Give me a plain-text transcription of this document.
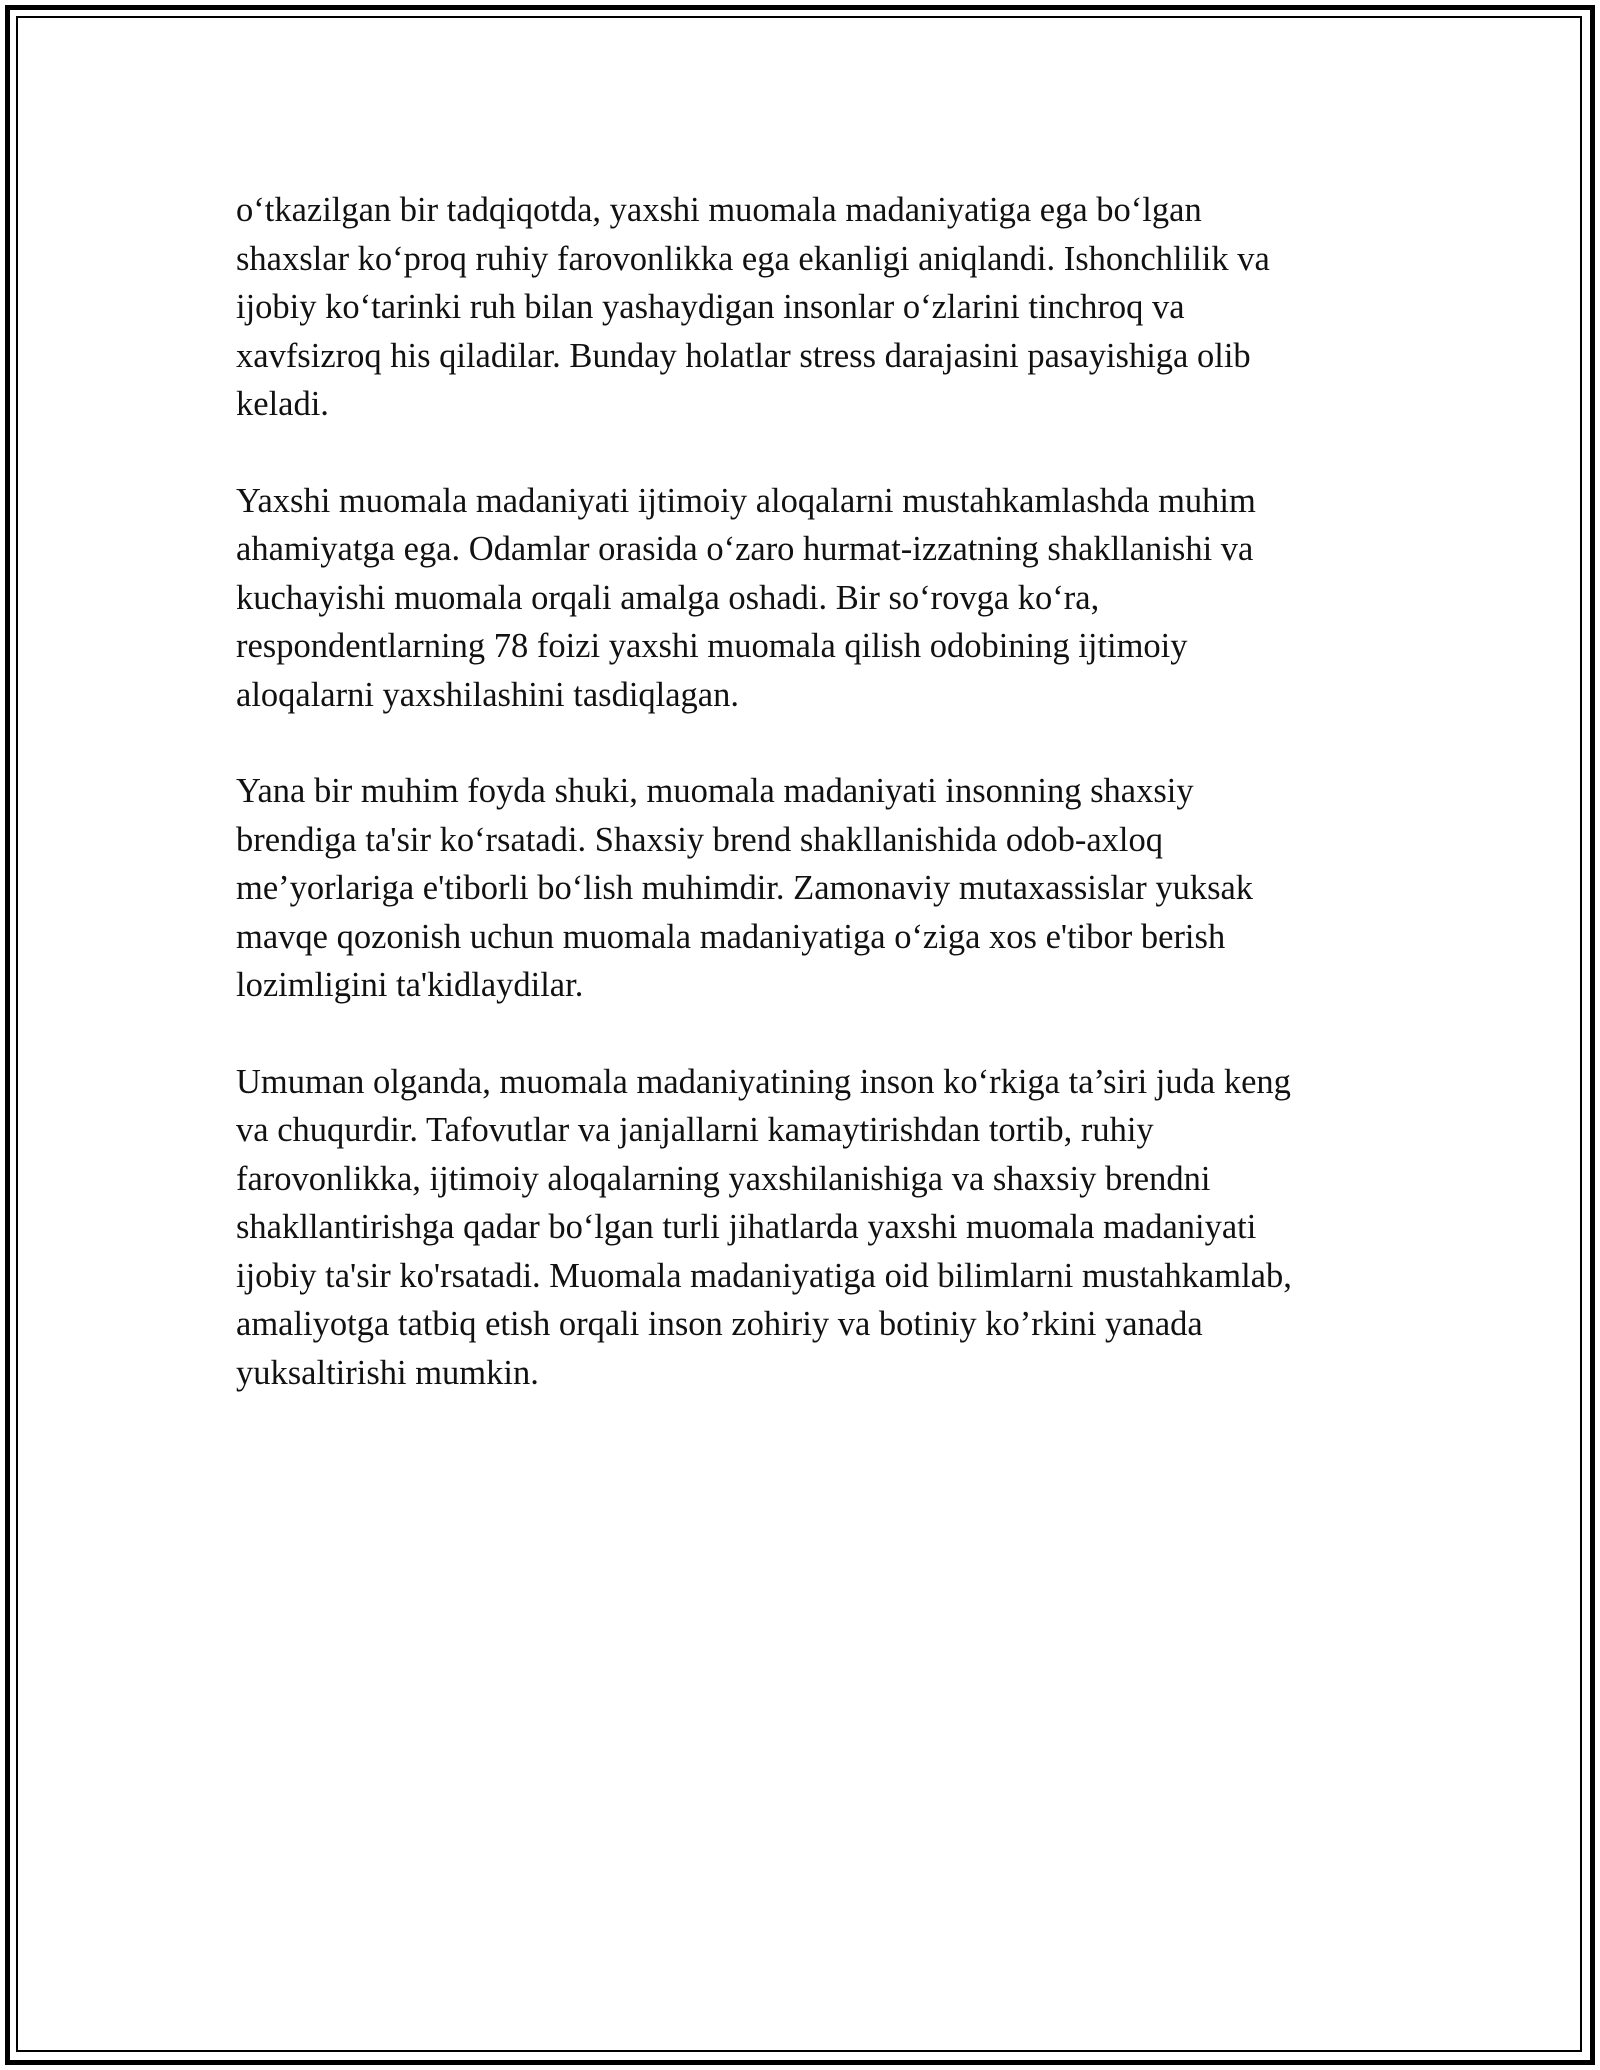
o‘tkazilgan bir tadqiqotda, yaxshi muomala madaniyatiga ega bo‘lgan
shaxslar ko‘proq ruhiy farovonlikka ega ekanligi aniqlandi. Ishonchlilik va
ijobiy ko‘tarinki ruh bilan yashaydigan insonlar o‘zlarini tinchroq va
xavfsizroq his qiladilar. Bunday holatlar stress darajasini pasayishiga olib
keladi.

Yaxshi muomala madaniyati ijtimoiy aloqalarni mustahkamlashda muhim
ahamiyatga ega. Odamlar orasida o‘zaro hurmat-izzatning shakllanishi va
kuchayishi muomala orqali amalga oshadi. Bir so‘rovga ko‘ra,
respondentlarning 78 foizi yaxshi muomala qilish odobining ijtimoiy
aloqalarni yaxshilashini tasdiqlagan.

Yana bir muhim foyda shuki, muomala madaniyati insonning shaxsiy
brendiga ta'sir ko‘rsatadi. Shaxsiy brend shakllanishida odob-axloq
me’yorlariga e'tiborli bo‘lish muhimdir. Zamonaviy mutaxassislar yuksak
mavqe qozonish uchun muomala madaniyatiga o‘ziga xos e'tibor berish
lozimligini ta'kidlaydilar.

Umuman olganda, muomala madaniyatining inson ko‘rkiga ta’siri juda keng
va chuqurdir. Tafovutlar va janjallarni kamaytirishdan tortib, ruhiy
farovonlikka, ijtimoiy aloqalarning yaxshilanishiga va shaxsiy brendni
shakllantirishga qadar bo‘lgan turli jihatlarda yaxshi muomala madaniyati
ijobiy ta'sir ko'rsatadi. Muomala madaniyatiga oid bilimlarni mustahkamlab,
amaliyotga tatbiq etish orqali inson zohiriy va botiniy ko’rkini yanada
yuksaltirishi mumkin.
